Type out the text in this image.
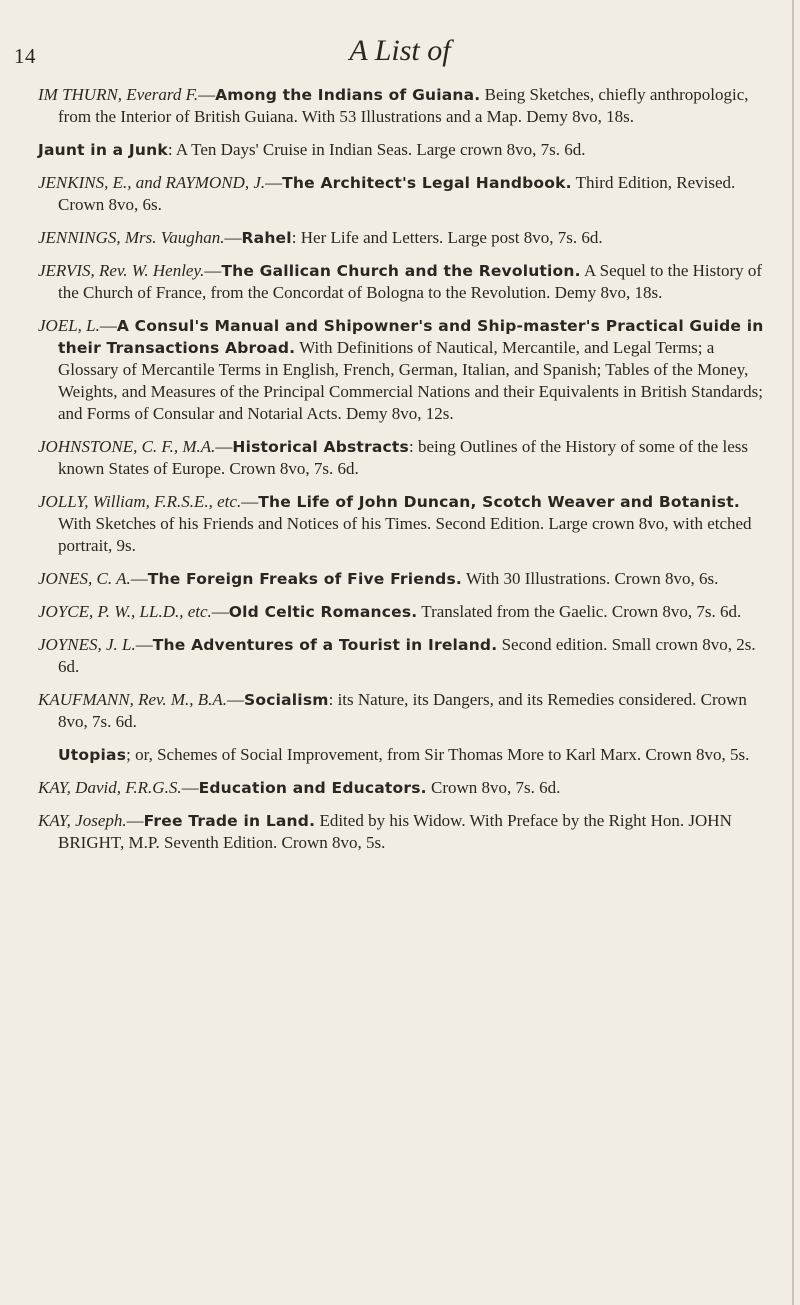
14	A List of

IM THURN, Everard F.—Among the Indians of Guiana. Being Sketches, chiefly anthropologic, from the Interior of British Guiana. With 53 Illustrations and a Map. Demy 8vo, 18s.

Jaunt in a Junk: A Ten Days' Cruise in Indian Seas. Large crown 8vo, 7s. 6d.

JENKINS, E., and RAYMOND, J.—The Architect's Legal Handbook. Third Edition, Revised. Crown 8vo, 6s.

JENNINGS, Mrs. Vaughan.—Rahel: Her Life and Letters. Large post 8vo, 7s. 6d.

JERVIS, Rev. W. Henley.—The Gallican Church and the Revolution. A Sequel to the History of the Church of France, from the Concordat of Bologna to the Revolution. Demy 8vo, 18s.

JOEL, L.—A Consul's Manual and Shipowner's and Ship-master's Practical Guide in their Transactions Abroad. With Definitions of Nautical, Mercantile, and Legal Terms; a Glossary of Mercantile Terms in English, French, German, Italian, and Spanish; Tables of the Money, Weights, and Measures of the Principal Commercial Nations and their Equivalents in British Standards; and Forms of Consular and Notarial Acts. Demy 8vo, 12s.

JOHNSTONE, C. F., M.A.—Historical Abstracts: being Outlines of the History of some of the less known States of Europe. Crown 8vo, 7s. 6d.

JOLLY, William, F.R.S.E., etc.—The Life of John Duncan, Scotch Weaver and Botanist. With Sketches of his Friends and Notices of his Times. Second Edition. Large crown 8vo, with etched portrait, 9s.

JONES, C. A.—The Foreign Freaks of Five Friends. With 30 Illustrations. Crown 8vo, 6s.

JOYCE, P. W., LL.D., etc.—Old Celtic Romances. Translated from the Gaelic. Crown 8vo, 7s. 6d.

JOYNES, J. L.—The Adventures of a Tourist in Ireland. Second edition. Small crown 8vo, 2s. 6d.

KAUFMANN, Rev. M., B.A.—Socialism: its Nature, its Dangers, and its Remedies considered. Crown 8vo, 7s. 6d.

Utopias; or, Schemes of Social Improvement, from Sir Thomas More to Karl Marx. Crown 8vo, 5s.

KAY, David, F.R.G.S.—Education and Educators. Crown 8vo, 7s. 6d.

KAY, Joseph.—Free Trade in Land. Edited by his Widow. With Preface by the Right Hon. JOHN BRIGHT, M.P. Seventh Edition. Crown 8vo, 5s.
